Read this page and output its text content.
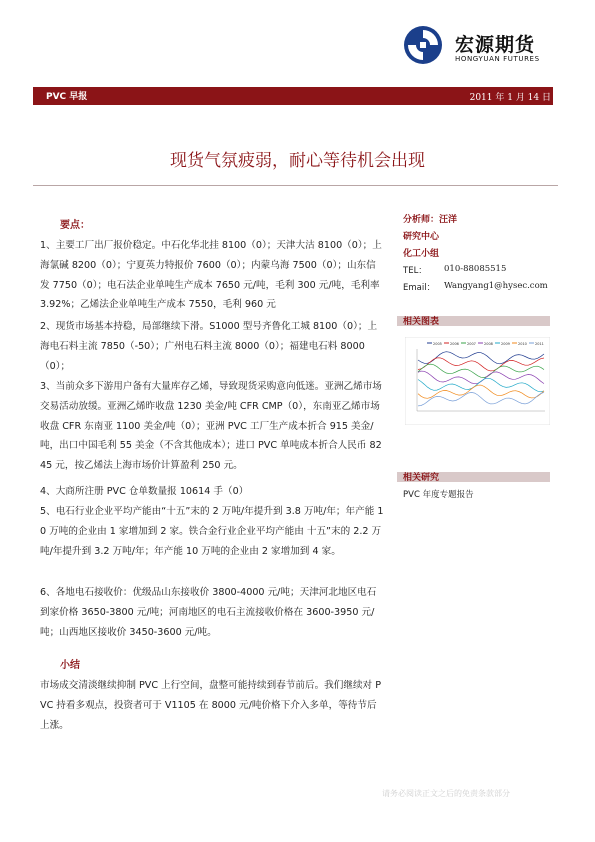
宏源期货
HONGYUAN FUTURES
PVC 早报	2011 年 1 月 14 日
现货气氛疲弱，耐心等待机会出现
要点：
1、主要工厂出厂报价稳定。中石化华北挂 8100（0）；天津大沽 8100（0）；上海氯碱 8200（0）；宁夏英力特报价 7600（0）；内蒙乌海 7500（0）；山东信发 7750（0）；电石法企业单吨生产成本 7650 元/吨，毛利 300 元/吨，毛利率 3.92%；乙烯法企业单吨生产成本 7550，毛利 960 元
2、现货市场基本持稳，局部继续下滑。S1000 型号齐鲁化工城 8100（0）；上海电石料主流 7850（-50）；广州电石料主流 8000（0）；福建电石料 8000（0）；
3、当前众多下游用户备有大量库存乙烯，导致现货采购意向低迷。亚洲乙烯市场交易活动放缓。亚洲乙烯昨收盘 1230 美金/吨 CFR CMP（0），东南亚乙烯市场收盘 CFR 东南亚 1100 美金/吨（0）；亚洲 PVC 工厂生产成本折合 915 美金/吨，出口中国毛利 55 美金（不含其他成本）；进口 PVC 单吨成本折合人民币 8245 元，按乙烯法上海市场价计算盈利 250 元。
4、大商所注册 PVC 仓单数量报 10614 手（0）
5、电石行业企业平均产能由“十五”末的 2 万吨/年提升到 3.8 万吨/年；年产能 10 万吨的企业由 1 家增加到 2 家。铁合金行业企业平均产能由 十五”末的 2.2 万吨/年提升到 3.2 万吨/年；年产能 10 万吨的企业由 2 家增加到 4 家。
6、各地电石接收价：优级品山东接收价 3800-4000 元/吨；天津河北地区电石到家价格 3650-3800 元/吨；河南地区的电石主流接收价格在 3600-3950 元/吨；山西地区接收价 3450-3600 元/吨。
小结
市场成交清淡继续抑制 PVC 上行空间，盘整可能持续到春节前后。我们继续对 PVC 持看多观点，投资者可于 V1105 在 8000 元/吨价格下介入多单，等待节后上涨。
分析师：汪洋
研究中心
化工小组
TEL： 010-88085515
Email： Wangyang1@hysec.com
相关图表
2005 2006 2007 2008 2009 2010 2011
相关研究
PVC 年度专题报告
请务必阅读正文之后的免责条款部分
